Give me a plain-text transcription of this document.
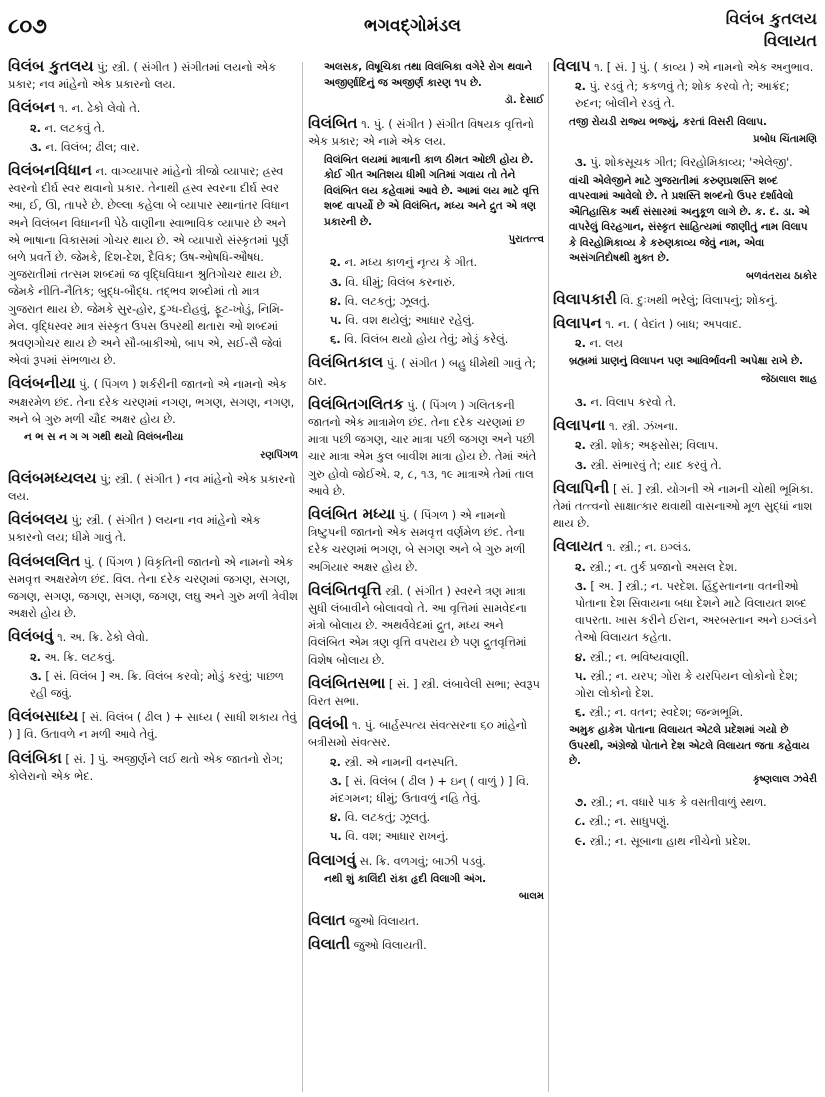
૮૦૭	ભગવદ્ગોમંડલ	વિલંબ કુતલય
વિલાયત
વિલંબ કુતલય પું; સ્ત્રી. ( સંગીત ) સંગીતમાં લયનો એક પ્રકાર; નવ માંહેનો એક પ્રકારનો લય.
વિલંબન ૧. ન. ઢેકો લેવો તે.
૨. ન. લટકવું તે.
૩. ન. વિલંબ; ઢીલ; વાર.
વિલંબનવિધાન ન. વાગ્વ્યાપાર માંહેનો ત્રીજો વ્યાપાર; હ્રસ્વ સ્વરનો દીર્ઘ સ્વર થવાનો પ્રકાર. તેનાથી હ્રસ્વ સ્વરના દીર્ઘ સ્વર આ, ઈ, ઊ, તાપરે છે. છેલ્લા કહેલા બે વ્યાપાર સ્થાનાંતર વિધાન અને વિલંબન વિધાનની પેઠે વાણીના સ્વાભાવિક વ્યાપાર છે અને એ ભાષાના વિકાસમાં ગોચર થાય છે. એ વ્યાપારો સંસ્કૃતમાં પૂર્ણ બળે પ્રવર્તે છે. જેમકે, દિશ-દેશ, દૈવિક; ઉષ-ઓષધિ-ઔષધ. ગુજરાતીમાં તત્સમ શબ્દમાં જ વૃદ્ધિવિધાન શ્રુતિગોચર થાય છે. જેમકે નીતિ-નૈતિક; બુદ્ધ-બૌદ્ધ. તદ્ભવ શબ્દોમાં તો માત્ર ગુજરાત થાય છે. જેમકે સુર-હોર, દુગ્ધ-દોહવું, ફૂટ-ખોડું, નિમિ-મેલ. વૃદ્ધિસ્વર માત્ર સંસ્કૃત ઉપસ ઉપરથી થતારા ઓ શબ્દમાં શ્રવણગોચર થાય છે અને સૌ-બાકીઓ, બાપ એ, સઈ-સૈ જેવાં એવાં રૂપમાં સંભળાય છે.
વિલંબનીયા પું. ( પિંગળ ) શર્કરીની જાતનો એ નામનો એક અક્ષરમેળ છંદ. તેના દરેક ચરણમાં નગણ, ભગણ, સગણ, નગણ, અને બે ગુરુ મળી ચૌદ અક્ષર હોય છે.
ન ભ સ ન ગ ગ ગથી થયો વિલંબનીયા
રણપિંગળ
વિલંબમધ્યલય પું; સ્ત્રી. ( સંગીત ) નવ માંહેનો એક પ્રકારનો લય.
વિલંબલય પું; સ્ત્રી. ( સંગીત ) લયના નવ માંહેનો એક પ્રકારનો લય; ધીમે ગાવું તે.
વિલંબલલિત પું. ( પિંગળ ) વિકૃતિની જાતનો એ નામનો એક સમવૃત્ત અક્ષરમેળ છંદ. વિલ. તેના દરેક ચરણમાં જગણ, સગણ, જગણ, સગણ, જગણ, સગણ, જગણ, લઘુ અને ગુરુ મળી ત્રેવીશ અક્ષરો હોય છે.
વિલંબવું ૧. અ. ક્રિ. ઢેકો લેવો.
૨. અ. ક્રિ. લટકવું.
૩. [ સં. વિલંબ ] અ. ક્રિ. વિલંબ કરવો; મોડું કરવું; પાછળ રહી જવું.
વિલંબસાધ્ય [ સં. વિલંબ ( ઢીલ ) + સાધ્ય ( સાધી શકાય તેવું ) ] વિ. ઉતાવળે ન મળી આવે તેવું.
વિલંબિકા [ સં. ] પું. અજીર્ણને લઈ થતો એક જાતનો રોગ; કોલેરાનો એક ભેદ.
અલસક, વિષૂચિકા તથા વિલંબિકા વગેરે રોગ થવાને અજીર્ણાદિનું જ અજીર્ણ કારણ ૧૫ છે.
ડૉ. દેસાઈ
વિલંબિત ૧. પું. ( સંગીત ) સંગીત વિષયક વૃત્તિનો એક પ્રકાર; એ નામે એક લય.
વિલંબિત લયમાં માત્રાની કાળ ઠીમત ઓછી હોય છે. કોઈ ગીત અતિશય ધીમી ગતિમાં ગવાય તો તેને વિલંબિત લય કહેવામાં આવે છે. આમાં લય માટે વૃત્તિ શબ્દ વાપર્યો છે એ વિલંબિત, મધ્ય અને દ્રુત એ ત્રણ પ્રકારની છે.
પુરાતત્ત્વ
૨. ન. મધ્ય કાળનું નૃત્ય કે ગીત.
૩. વિ. ધીમું; વિલંબ કરનારું.
૪. વિ. લટકતું; ઝૂલતું.
૫. વિ. વશ થયેલું; આધાર રહેલું.
૬. વિ. વિલંબ થયો હોય તેવું; મોડું કરેલું.
વિલંબિતકાલ પું. ( સંગીત ) બહુ ધીમેથી ગાવું તે; ઠાર.
વિલંબિતગલિતક પું. ( પિંગળ ) ગલિતકની જાતનો એક માત્રામેળ છંદ. તેના દરેક ચરણમાં છ માત્રા પછી જગણ, ચાર માત્રા પછી જગણ અને પછી ચાર માત્રા એમ કુલ બાવીશ માત્રા હોય છે. તેમાં અંતે ગુરુ હોવો જોઈએ. ૨, ૮, ૧૩, ૧૯ માત્રાએ તેમાં તાલ આવે છે.
વિલંબિત મધ્યા પું. ( પિંગળ ) એ નામનો ત્રિષ્ટુપની જાતનો એક સમવૃત્ત વર્ણમેળ છંદ. તેના દરેક ચરણમાં ભગણ, બે સગણ અને બે ગુરુ મળી અગિયાર અક્ષર હોય છે.
વિલંબિતવૃત્તિ સ્ત્રી. ( સંગીત ) સ્વરને ત્રણ માત્રા સુધી લંબાવીને બોલાવવો તે. આ વૃત્તિમાં સામવેદના મંત્રો બોલાય છે. અથર્વવેદમાં દ્રુત, મધ્ય અને વિલંબિત એમ ત્રણ વૃત્તિ વપરાય છે પણ દ્રુતવૃત્તિમાં વિશેષ બોલાય છે.
વિલંબિતસભા [ સં. ] સ્ત્રી. લંબાવેલી સભા; સ્વરૂપ વિરત સભા.
વિલંબી ૧. પું. બાર્હસ્પત્ય સંવત્સરના ૬૦ માંહેનો બત્રીસમો સંવત્સર.
૨. સ્ત્રી. એ નામની વનસ્પતિ.
૩. [ સં. વિલંબ ( ઢીલ ) + ઇન્ ( વાળું ) ] વિ. મંદગમન; ધીમું; ઉતાવળું નહિ તેવું.
૪. વિ. લટકતું; ઝૂલતું.
૫. વિ. વશ; આધાર રાખનું.
વિલાગવું સ. ક્રિ. વળગવું; બાઝી પડવું.
નથી શું કાલિંદી રાંકા હૃદી વિલાગી અંગ.
બાલમ
વિલાત જુઓ વિલાયત.
વિલાતી જુઓ વિલાયતી.
વિલાપ ૧. [ સં. ] પું. ( કાવ્ય ) એ નામનો એક અનુભાવ.
૨. પું. રડવું તે; કકળવું તે; શોક કરવો તે; આક્રંદ; રુદન; બોલીને રડવું તે.
તજી રોયડી રાજ્ય ભજ્યું, કરતાં વિસરી વિલાપ.
પ્રબોધ ચિંતામણિ
૩. પું. શોકસૂચક ગીત; વિરહોમિકાવ્ય; 'એલેજી'.
વાંચી એલેજીને માટે ગુજરાતીમાં કરુણપ્રશસ્તિ શબ્દ વાપરવામાં આવેલો છે. તે પ્રશસ્તિ શબ્દનો ઉપર દર્શાવેલો ઐતિહાસિક અર્થ સંસારમાં અનુકૂળ લાગે છે. ક. દ. ડા. એ વાપરેલું વિરહગાન, સંસ્કૃત સાહિત્યમાં જાણીતું નામ વિલાપ કે વિરહોમિકાવ્ય કે કરુણકાવ્ય જેવું નામ, એવા અસંગતિદોષથી મુક્ત છે.
બળવંતરાય ઠાકોર
વિલાપકારી વિ. દુઃખથી ભરેલું; વિલાપનું; શોકનું.
વિલાપન ૧. ન. ( વેદાંત ) બાધ; અપવાદ.
૨. ન. લય
બ્રહ્મમાં પ્રાણનું વિલાપન પણ આવિર્ભાવની અપેક્ષા રાખે છે.
જેઠાલાલ શાહ
૩. ન. વિલાપ કરવો તે.
વિલાપના ૧. સ્ત્રી. ઝંખના.
૨. સ્ત્રી. શોક; અફસોસ; વિલાપ.
૩. સ્ત્રી. સંભારવું તે; યાદ કરવું તે.
વિલાપિની [ સં. ] સ્ત્રી. યોગની એ નામની ચોથી ભૂમિકા. તેમાં તત્ત્વનો સાક્ષાત્કાર થવાથી વાસનાઓ મૂળ સુદ્ધાં નાશ થાય છે.
વિલાયત ૧. સ્ત્રી.; ન. ઇગ્લંડ.
૨. સ્ત્રી.; ન. તુર્ક પ્રજાનો અસલ દેશ.
૩. [ અ. ] સ્ત્રી.; ન. પરદેશ. હિંદુસ્તાનના વતનીઓ પોતાના દેશ સિવાયના બધા દેશને માટે વિલાયત શબ્દ વાપરતા. ખાસ કરીને ઈરાન, અરબસ્તાન અને ઇગ્લંડને તેઓ વિલાયત કહેતા.
૪. સ્ત્રી.; ન. ભવિષ્યવાણી.
૫. સ્ત્રી.; ન. યરપ; ગોરા કે યરપિયન લોકોનો દેશ; ગોરા લોકોનો દેશ.
૬. સ્ત્રી.; ન. વતન; સ્વદેશ; જન્મભૂમિ.
અમુક હાકેમ પોતાના વિલાયત એટલે પ્રદેશમાં ગયો છે ઉપરથી, અંગ્રેજો પોતાને દેશ એટલે વિલાયત જતા કહેવાય છે.
કૃષ્ણલાલ ઝવેરી
૭. સ્ત્રી.; ન. વધારે પાક કે વસતીવાળું સ્થળ.
૮. સ્ત્રી.; ન. સાધુપણું.
૯. સ્ત્રી.; ન. સૂબાના હાથ નીચેનો પ્રદેશ.
